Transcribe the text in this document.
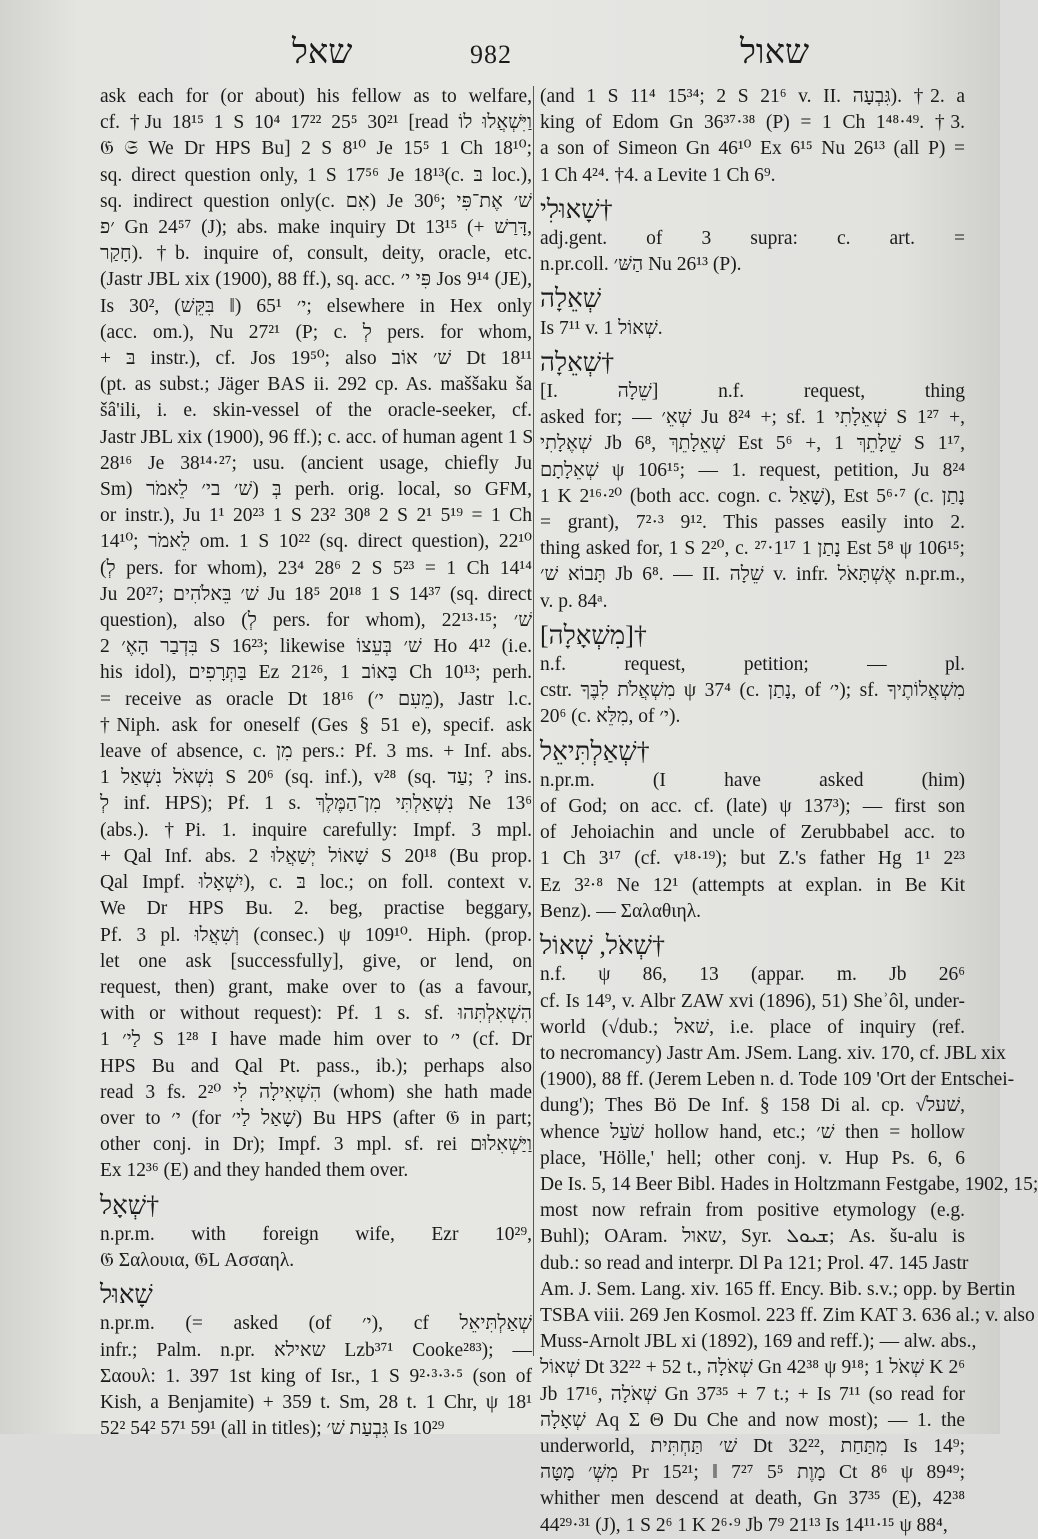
שאל	982	שאול
ask each for (or about) his fellow as to welfare,
cf. †Ju 18¹⁵ 1 S 10⁴ 17²² 25⁵ 30²¹ [read וַיִּשְׁאֲלוּ לוֹ
𝔊 𝔖 We Dr HPS Bu] 2 S 8¹⁰ Je 15⁵ 1 Ch 18¹⁰;
sq. direct question only, 1 S 17⁵⁶ Je 18¹³(c. בּ loc.),
sq. indirect question only(c. אִם) Je 30⁶; שׁ׳ אֶת־פִּי
׳פ Gn 24⁵⁷ (J); abs. make inquiry Dt 13¹⁵ (+ דָּרַשׁ,
חָקַר). †b. inquire of, consult, deity, oracle, etc.
(Jastr JBL xix (1900), 88 ff.), sq. acc. פִּי י׳ Jos 9¹⁴ (JE),
Is 30², י׳ 65¹ (‖ בִּקֵּשׁ); elsewhere in Hex only
(acc. om.), Nu 27²¹ (P; c. לְ pers. for whom,
+ בּ instr.), cf. Jos 19⁵⁰; also שׁ׳ אוֹב Dt 18¹¹
(pt. as subst.; Jäger BAS ii. 292 cp. As. maššaku ša
šâ'ili, i. e. skin-vessel of the oracle-seeker, cf.
Jastr JBL xix (1900), 96 ff.); c. acc. of human agent 1 S
28¹⁶ Je 38¹⁴·²⁷; usu. (ancient usage, chiefly Ju
Sm) בְּ (שׁ׳ בי׳ לֵאמֹר perh. orig. local, so GFM,
or instr.), Ju 1¹ 20²³ 1 S 23² 30⁸ 2 S 2¹ 5¹⁹ = 1 Ch
14¹⁰; לֵאמֹר om. 1 S 10²² (sq. direct question), 22¹⁰
(לְ pers. for whom), 23⁴ 28⁶ 2 S 5²³ = 1 Ch 14¹⁴
Ju 20²⁷; שׁ׳ בֵּאלֹהִים Ju 18⁵ 20¹⁸ 1 S 14³⁷ (sq. direct
question), also (לְ pers. for whom), 22¹³·¹⁵; שׁ׳
בִּדְבַר הָאֶ׳ 2 S 16²³; likewise שׁ׳ בְּעֵצוֹ Ho 4¹² (i.e.
his idol), בַּתְּרָפִים Ez 21²⁶, בָּאוֹב 1 Ch 10¹³; perh.
= receive as oracle Dt 18¹⁶ (מֵעִם י׳), Jastr l.c.
†Niph. ask for oneself (Ges § 51 e), specif. ask
leave of absence, c. מִן pers.: Pf. 3 ms. + Inf. abs.
נִשְׁאֹל נִשְׁאַל 1 S 20⁶ (sq. inf.), v²⁸ (sq. עַד; ? ins.
לְ inf. HPS); Pf. 1 s. נִשְׁאַלְתִּי מִן־הַמֶּלֶךְ Ne 13⁶
(abs.). †Pi. 1. inquire carefully: Impf. 3 mpl.
+ Qal Inf. abs. שָׁאוֹל יְשַׁאֲלוּ 2 S 20¹⁸ (Bu prop.
Qal Impf. יִשְׁאָלוּ), c. בּ loc.; on foll. context v.
We Dr HPS Bu. 2. beg, practise beggary,
Pf. 3 pl. וְשִׁאֲלוּ (consec.) ψ 109¹⁰. Hiph. (prop.
let one ask [successfully], give, or lend, on
request, then) grant, make over to (as a favour,
with or without request): Pf. 1 s. sf. הִשְׁאִלְתִּהוּ
לַי׳ 1 S 1²⁸ I have made him over to י׳ (cf. Dr
HPS Bu and Qal Pt. pass., ib.); perhaps also
read 3 fs. הִשְׁאִילָה לִי 2²⁰ (whom) she hath made
over to י׳ (for שָׁאַל לַי׳) Bu HPS (after 𝔊 in part;
other conj. in Dr); Impf. 3 mpl. sf. rei וַיַּשְׁאִלוּם
Ex 12³⁶ (E) and they handed them over.
†שְׁאָל
n.pr.m. with foreign wife, Ezr 10²⁹,
𝔊 Σαλουια, 𝔊L Ασσαηλ.
שָׁאוּל
n.pr.m. (= asked (of י׳), cf שְׁאַלְתִּיאֵל
infr.; Palm. n.pr. שאילא Lzb³⁷¹ Cooke²⁸³); —
Σαουλ: 1. 397 1st king of Isr., 1 S 9²·³·³·⁵ (son of
Kish, a Benjamite) + 359 t. Sm, 28 t. 1 Chr, ψ 18¹
52² 54² 57¹ 59¹ (all in titles); גִּבְעַת שׁ׳ Is 10²⁹
(and 1 S 11⁴ 15³⁴; 2 S 21⁶ v. II. גִּבְעָה). †2. a
king of Edom Gn 36³⁷·³⁸ (P) = 1 Ch 1⁴⁸·⁴⁹. †3.
a son of Simeon Gn 46¹⁰ Ex 6¹⁵ Nu 26¹³ (all P) =
1 Ch 4²⁴. †4. a Levite 1 Ch 6⁹.
†שָׁאוּלִי
adj.gent. of 3 supra: c. art. =
n.pr.coll. הַשּׁ׳ Nu 26¹³ (P).
שְׁאֵלָה
Is 7¹¹ v. שְׁאוֹל 1.
†שְׁאֵלָה
[I. שֵׁלָה] n.f. request, thing
asked for; — שְׁאֵ׳ Ju 8²⁴ +; sf. שְׁאֵלָתִי 1 S 1²⁷ +,
שְׁאֶלָתִי Jb 6⁸, שְׁאֵלָתֵךְ Est 5⁶ +, שֵׁלָתֵךְ 1 S 1¹⁷,
שְׁאֵלָתָם ψ 106¹⁵; — 1. request, petition, Ju 8²⁴
1 K 2¹⁶·²⁰ (both acc. cogn. c. שָׁאַל), Est 5⁶·⁷ (c. נָתַן
= grant), 7²·³ 9¹². This passes easily into 2.
thing asked for, 1 S 2²⁰, c. נָתַן 1 1¹⁷·²⁷ Est 5⁸ ψ 106¹⁵;
תָּבוֹא שׁ׳ Jb 6⁸. — II. שֵׁלָה v. infr. אֶשְׁתָּאֹל n.pr.m.,
v. p. 84ᵃ.
†[מִשְׁאָלָה]
n.f. request, petition; — pl.
cstr. מִשְׁאֲלֹת לִבֶּךָ ψ 37⁴ (c. נָתַן, of י׳); sf. מִשְׁאֲלוֹתֶיךָ
20⁶ (c. מִלֵּא, of י׳).
†שְׁאַלְתִּיאֵל
n.pr.m. (I have asked (him)
of God; on acc. cf. (late) ψ 137³); — first son
of Jehoiachin and uncle of Zerubbabel acc. to
1 Ch 3¹⁷ (cf. v¹⁸·¹⁹); but Z.'s father Hg 1¹ 2²³
Ez 3²·⁸ Ne 12¹ (attempts at explan. in Be Kit
Benz). — Σαλαθιηλ.
†שְׁאֹל, שְׁאוֹל
n.f. ψ 86, 13 (appar. m. Jb 26⁶
cf. Is 14⁹, v. Albr ZAW xvi (1896), 51) Sheʾôl, under-
world (√dub.; שׁאל, i.e. place of inquiry (ref.
to necromancy) Jastr Am. JSem. Lang. xiv. 170, cf. JBL xix
(1900), 88 ff. (Jerem Leben n. d. Tode 109 'Ort der Entschei-
dung'); Thes Bö De Inf. § 158 Di al. cp. √שׁעל,
whence שֹׁעַל hollow hand, etc.; שׁ׳ then = hollow
place, 'Hölle,' hell; other conj. v. Hup Ps. 6, 6
De Is. 5, 14 Beer Bibl. Hades in Holtzmann Festgabe, 1902, 15;
most now refrain from positive etymology (e.g.
Buhl); OAram. שאול, Syr. ܫܝܘܠ; As. šu-alu is
dub.: so read and interpr. Dl Pa 121; Prol. 47. 145 Jastr
Am. J. Sem. Lang. xiv. 165 ff. Ency. Bib. s.v.; opp. by Bertin
TSBA viii. 269 Jen Kosmol. 223 ff. Zim KAT 3. 636 al.; v. also
Muss-Arnolt JBL xi (1892), 169 and reff.); — alw. abs.,
שְׁאוֹל Dt 32²² + 52 t., שְׁאֹלָה Gn 42³⁸ ψ 9¹⁸; שְׁאֹל 1 K 2⁶
Jb 17¹⁶, שְׁאֹלָה Gn 37³⁵ + 7 t.; + Is 7¹¹ (so read for
שְׁאָלָה Aq Σ Θ Du Che and now most); — 1. the
underworld, שׁ׳ תַּחְתִּית Dt 32²², מִתַּחַת Is 14⁹;
מִשְּׁ׳ מָטָּה Pr 15²¹; ‖ מָוֶת 5⁵ 7²⁷ Ct 8⁶ ψ 89⁴⁹;
whither men descend at death, Gn 37³⁵ (E), 42³⁸
44²⁹·³¹ (J), 1 S 2⁶ 1 K 2⁶·⁹ Jb 7⁹ 21¹³ Is 14¹¹·¹⁵ ψ 88⁴,
